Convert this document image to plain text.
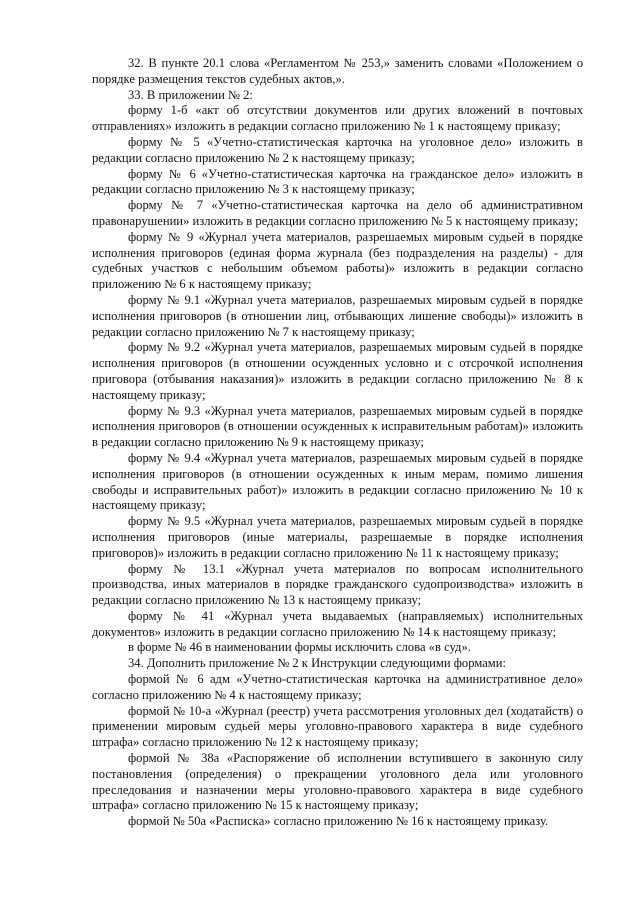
32. В пункте 20.1 слова «Регламентом № 253,» заменить словами «Положением о порядке размещения текстов судебных актов,».

33. В приложении № 2:

форму 1-б «акт об отсутствии документов или других вложений в почтовых отправлениях» изложить в редакции согласно приложению № 1 к настоящему приказу;

форму № 5 «Учетно-статистическая карточка на уголовное дело» изложить в редакции согласно приложению № 2 к настоящему приказу;

форму № 6 «Учетно-статистическая карточка на гражданское дело» изложить в редакции согласно приложению № 3 к настоящему приказу;

форму № 7 «Учетно-статистическая карточка на дело об административном правонарушении» изложить в редакции согласно приложению № 5 к настоящему приказу;

форму № 9 «Журнал учета материалов, разрешаемых мировым судьей в порядке исполнения приговоров (единая форма журнала (без подразделения на разделы) - для судебных участков с небольшим объемом работы)» изложить в редакции согласно приложению № 6 к настоящему приказу;

форму № 9.1 «Журнал учета материалов, разрешаемых мировым судьей в порядке исполнения приговоров (в отношении лиц, отбывающих лишение свободы)» изложить в редакции согласно приложению № 7 к настоящему приказу;

форму № 9.2 «Журнал учета материалов, разрешаемых мировым судьей в порядке исполнения приговоров (в отношении осужденных условно и с отсрочкой исполнения приговора (отбывания наказания)» изложить в редакции согласно приложению № 8 к настоящему приказу;

форму № 9.3 «Журнал учета материалов, разрешаемых мировым судьей в порядке исполнения приговоров (в отношении осужденных к исправительным работам)» изложить в редакции согласно приложению № 9 к настоящему приказу;

форму № 9.4 «Журнал учета материалов, разрешаемых мировым судьей в порядке исполнения приговоров (в отношении осужденных к иным мерам, помимо лишения свободы и исправительных работ)» изложить в редакции согласно приложению № 10 к настоящему приказу;

форму № 9.5 «Журнал учета материалов, разрешаемых мировым судьей в порядке исполнения приговоров (иные материалы, разрешаемые в порядке исполнения приговоров)» изложить в редакции согласно приложению № 11 к настоящему приказу;

форму № 13.1 «Журнал учета материалов по вопросам исполнительного производства, иных материалов в порядке гражданского судопроизводства» изложить в редакции согласно приложению № 13 к настоящему приказу;

форму № 41 «Журнал учета выдаваемых (направляемых) исполнительных документов» изложить в редакции согласно приложению № 14 к настоящему приказу;

в форме № 46 в наименовании формы исключить слова «в суд».

34. Дополнить приложение № 2 к Инструкции следующими формами:

формой № 6 адм «Учетно-статистическая карточка на административное дело» согласно приложению № 4 к настоящему приказу;

формой № 10-а «Журнал (реестр) учета рассмотрения уголовных дел (ходатайств) о применении мировым судьей меры уголовно-правового характера в виде судебного штрафа» согласно приложению № 12 к настоящему приказу;

формой № 38а «Распоряжение об исполнении вступившего в законную силу постановления (определения) о прекращении уголовного дела или уголовного преследования и назначении меры уголовно-правового характера в виде судебного штрафа» согласно приложению № 15 к настоящему приказу;

формой № 50а «Расписка» согласно приложению № 16 к настоящему приказу.
